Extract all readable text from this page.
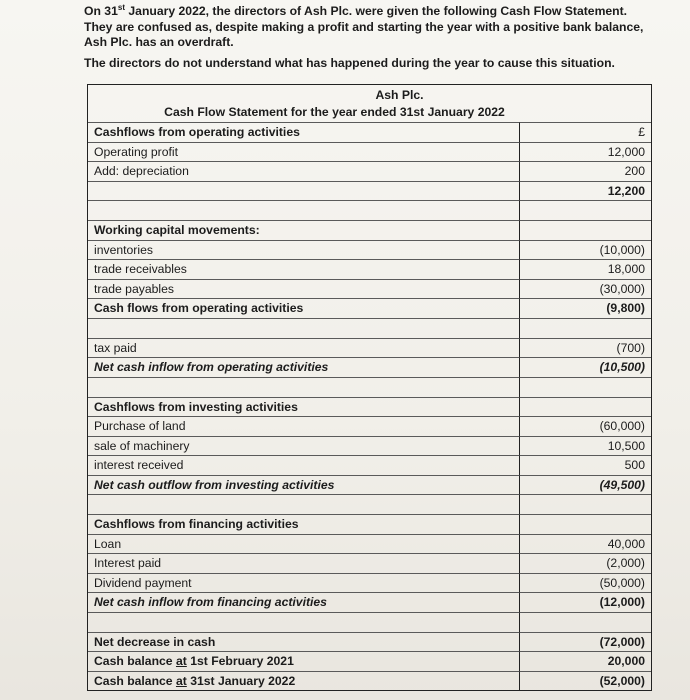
On 31st January 2022, the directors of Ash Plc. were given the following Cash Flow Statement. They are confused as, despite making a profit and starting the year with a positive bank balance, Ash Plc. has an overdraft.

The directors do not understand what has happened during the year to cause this situation.

Ash Plc.
Cash Flow Statement for the year ended 31st January 2022
Cashflows from operating activities	£
Operating profit	12,000
Add: depreciation	200
12,200
Working capital movements:
inventories	(10,000)
trade receivables	18,000
trade payables	(30,000)
Cash flows from operating activities	(9,800)
tax paid	(700)
Net cash inflow from operating activities	(10,500)
Cashflows from investing activities
Purchase of land	(60,000)
sale of machinery	10,500
interest received	500
Net cash outflow from investing activities	(49,500)
Cashflows from financing activities
Loan	40,000
Interest paid	(2,000)
Dividend payment	(50,000)
Net cash inflow from financing activities	(12,000)
Net decrease in cash	(72,000)
Cash balance at 1st February 2021	20,000
Cash balance at 31st January 2022	(52,000)
